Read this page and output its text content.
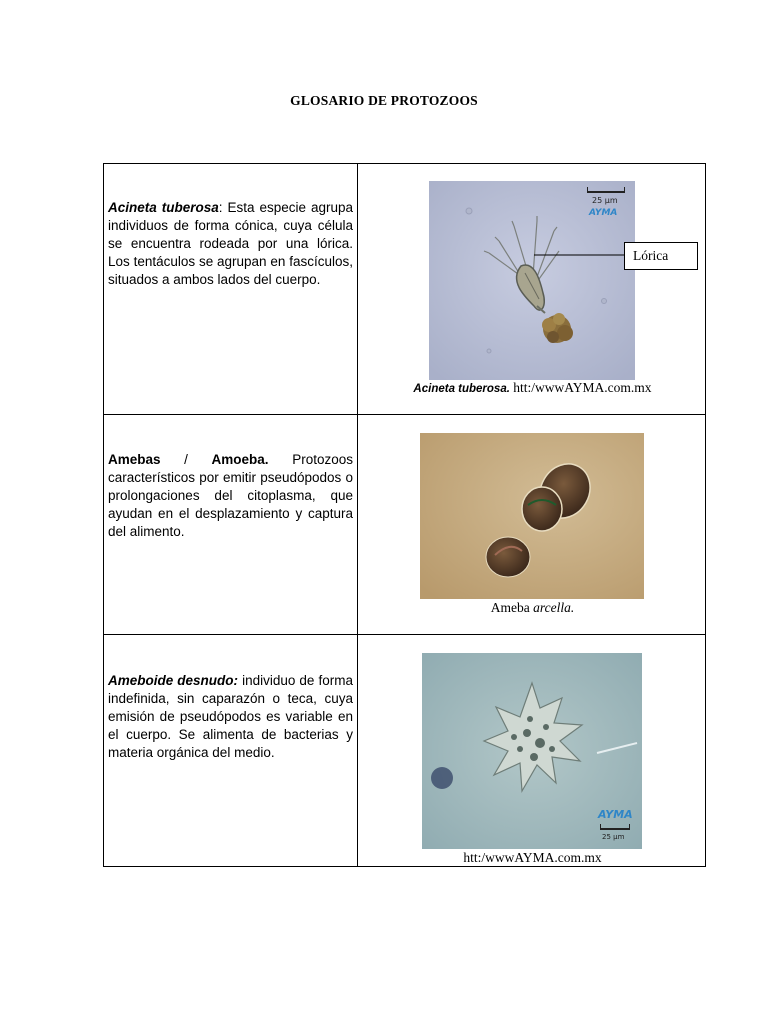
GLOSARIO DE PROTOZOOS
Acineta tuberosa: Esta especie agrupa individuos de forma cónica, cuya célula se encuentra rodeada por una lórica. Los tentáculos se agrupan en fascículos, situados a ambos lados del cuerpo.
25 µm
AYMA
Lórica
Acineta tuberosa. htt:/wwwAYMA.com.mx
Amebas / Amoeba. Protozoos característicos por emitir pseudópodos o prolongaciones del citoplasma, que ayudan en el desplazamiento y captura del alimento.
Ameba arcella.
Ameboide desnudo: individuo de forma indefinida, sin caparazón o teca, cuya emisión de pseudópodos es variable en el cuerpo. Se alimenta de bacterias y materia orgánica del medio.
AYMA
25 µm
htt:/wwwAYMA.com.mx
